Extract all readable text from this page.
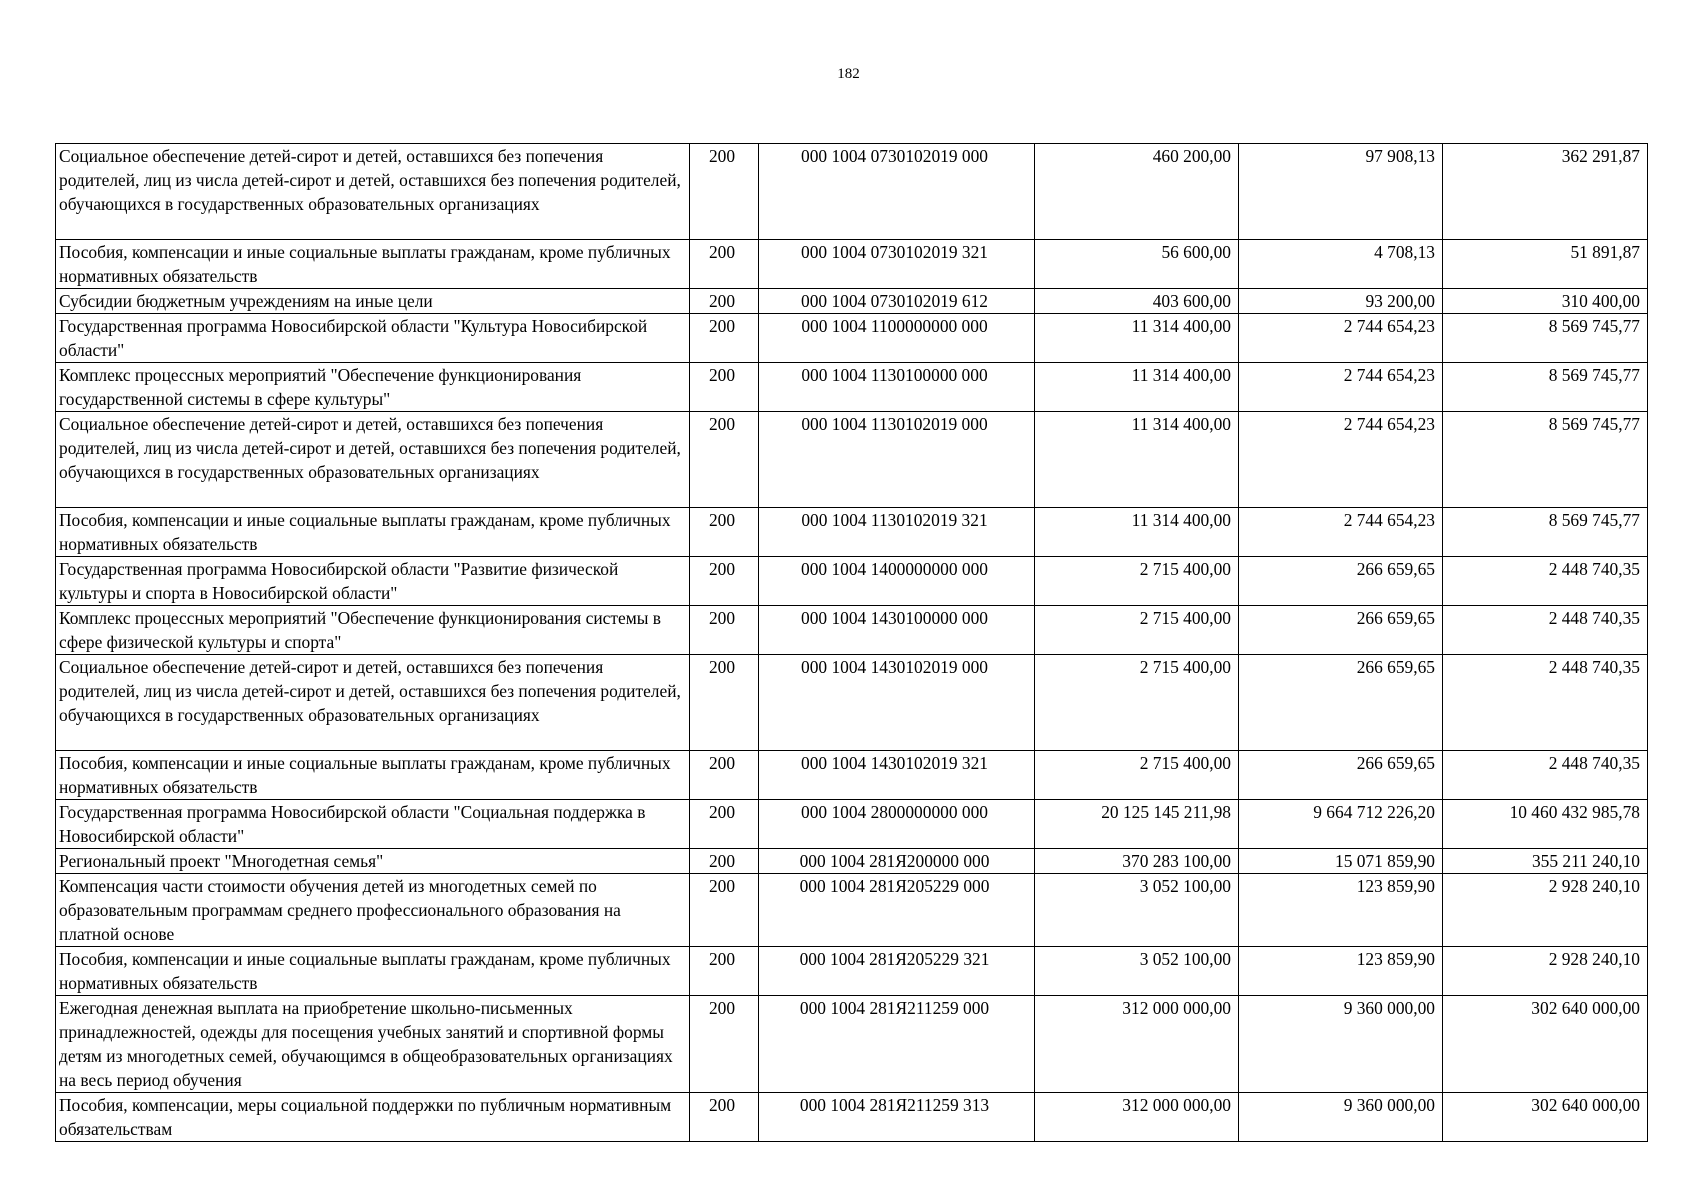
182
Социальное обеспечение детей-сирот и детей, оставшихся без попечения родителей, лиц из числа детей-сирот и детей, оставшихся без попечения родителей, обучающихся в государственных образовательных организациях	200	000 1004 0730102019 000	460 200,00	97 908,13	362 291,87
Пособия, компенсации и иные социальные выплаты гражданам, кроме публичных нормативных обязательств	200	000 1004 0730102019 321	56 600,00	4 708,13	51 891,87
Субсидии бюджетным учреждениям на иные цели	200	000 1004 0730102019 612	403 600,00	93 200,00	310 400,00
Государственная программа Новосибирской области "Культура Новосибирской области"	200	000 1004 1100000000 000	11 314 400,00	2 744 654,23	8 569 745,77
Комплекс процессных мероприятий "Обеспечение функционирования государственной системы в сфере культуры"	200	000 1004 1130100000 000	11 314 400,00	2 744 654,23	8 569 745,77
Социальное обеспечение детей-сирот и детей, оставшихся без попечения родителей, лиц из числа детей-сирот и детей, оставшихся без попечения родителей, обучающихся в государственных образовательных организациях	200	000 1004 1130102019 000	11 314 400,00	2 744 654,23	8 569 745,77
Пособия, компенсации и иные социальные выплаты гражданам, кроме публичных нормативных обязательств	200	000 1004 1130102019 321	11 314 400,00	2 744 654,23	8 569 745,77
Государственная программа Новосибирской области "Развитие физической культуры и спорта в Новосибирской области"	200	000 1004 1400000000 000	2 715 400,00	266 659,65	2 448 740,35
Комплекс процессных мероприятий "Обеспечение функционирования системы в сфере физической культуры и спорта"	200	000 1004 1430100000 000	2 715 400,00	266 659,65	2 448 740,35
Социальное обеспечение детей-сирот и детей, оставшихся без попечения родителей, лиц из числа детей-сирот и детей, оставшихся без попечения родителей, обучающихся в государственных образовательных организациях	200	000 1004 1430102019 000	2 715 400,00	266 659,65	2 448 740,35
Пособия, компенсации и иные социальные выплаты гражданам, кроме публичных нормативных обязательств	200	000 1004 1430102019 321	2 715 400,00	266 659,65	2 448 740,35
Государственная программа Новосибирской области "Социальная поддержка в Новосибирской области"	200	000 1004 2800000000 000	20 125 145 211,98	9 664 712 226,20	10 460 432 985,78
Региональный проект "Многодетная семья"	200	000 1004 281Я200000 000	370 283 100,00	15 071 859,90	355 211 240,10
Компенсация части стоимости обучения детей из многодетных семей по образовательным программам среднего профессионального образования на платной основе	200	000 1004 281Я205229 000	3 052 100,00	123 859,90	2 928 240,10
Пособия, компенсации и иные социальные выплаты гражданам, кроме публичных нормативных обязательств	200	000 1004 281Я205229 321	3 052 100,00	123 859,90	2 928 240,10
Ежегодная денежная выплата на приобретение школьно-письменных принадлежностей, одежды для посещения учебных занятий и спортивной формы детям из многодетных семей, обучающимся в общеобразовательных организациях на весь период обучения	200	000 1004 281Я211259 000	312 000 000,00	9 360 000,00	302 640 000,00
Пособия, компенсации, меры социальной поддержки по публичным нормативным обязательствам	200	000 1004 281Я211259 313	312 000 000,00	9 360 000,00	302 640 000,00
